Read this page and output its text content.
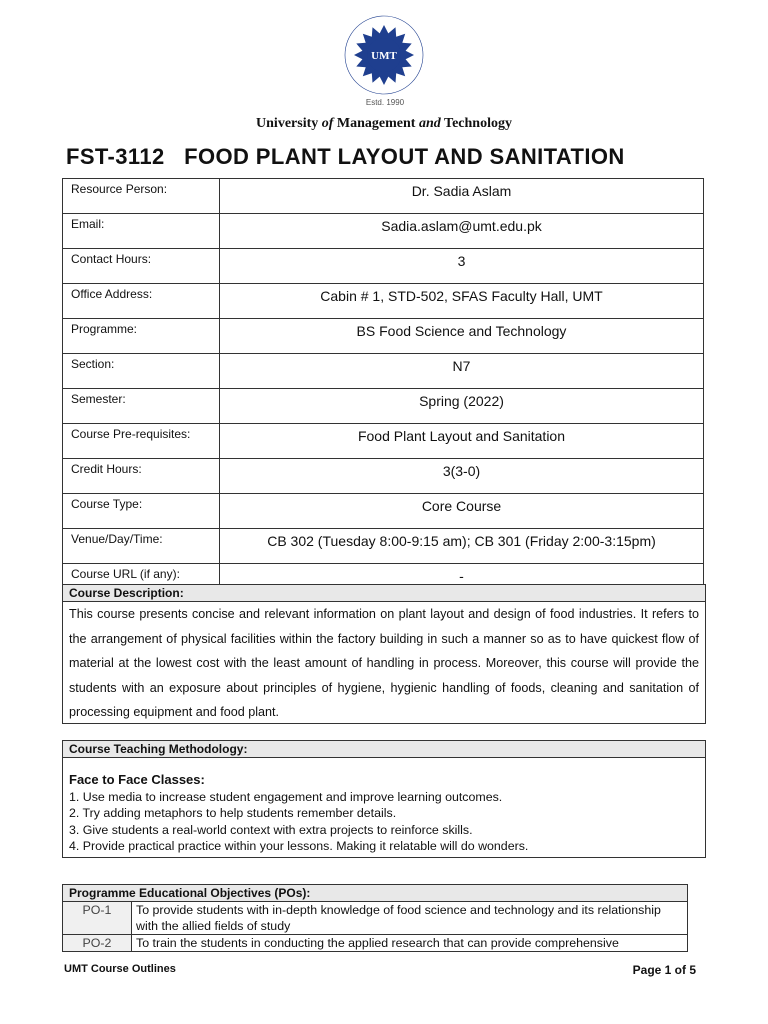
UMT
Estd. 1990
University of Management and Technology
FST-3112   FOOD PLANT LAYOUT AND SANITATION
Resource Person:	Dr. Sadia Aslam
Email:	Sadia.aslam@umt.edu.pk
Contact Hours:	3
Office Address:	Cabin # 1, STD-502, SFAS Faculty Hall, UMT
Programme:	BS Food Science and Technology
Section:	N7
Semester:	Spring (2022)
Course Pre-requisites:	Food Plant Layout and Sanitation
Credit Hours:	3(3-0)
Course Type:	Core Course
Venue/Day/Time:	CB 302 (Tuesday 8:00-9:15 am); CB 301 (Friday 2:00-3:15pm)
Course URL (if any):	-
Course Description:
This course presents concise and relevant information on plant layout and design of food industries. It refers to the arrangement of physical facilities within the factory building in such a manner so as to have quickest flow of material at the lowest cost with the least amount of handling in process. Moreover, this course will provide the students with an exposure about principles of hygiene, hygienic handling of foods, cleaning and sanitation of processing equipment and food plant.
Course Teaching Methodology:
Face to Face Classes:
1. Use media to increase student engagement and improve learning outcomes.
2. Try adding metaphors to help students remember details.
3. Give students a real-world context with extra projects to reinforce skills.
4. Provide practical practice within your lessons. Making it relatable will do wonders.
Programme Educational Objectives (POs):
PO-1	To provide students with in-depth knowledge of food science and technology and its relationship with the allied fields of study
PO-2	To train the students in conducting the applied research that can provide comprehensive
UMT Course Outlines	Page 1 of 5
